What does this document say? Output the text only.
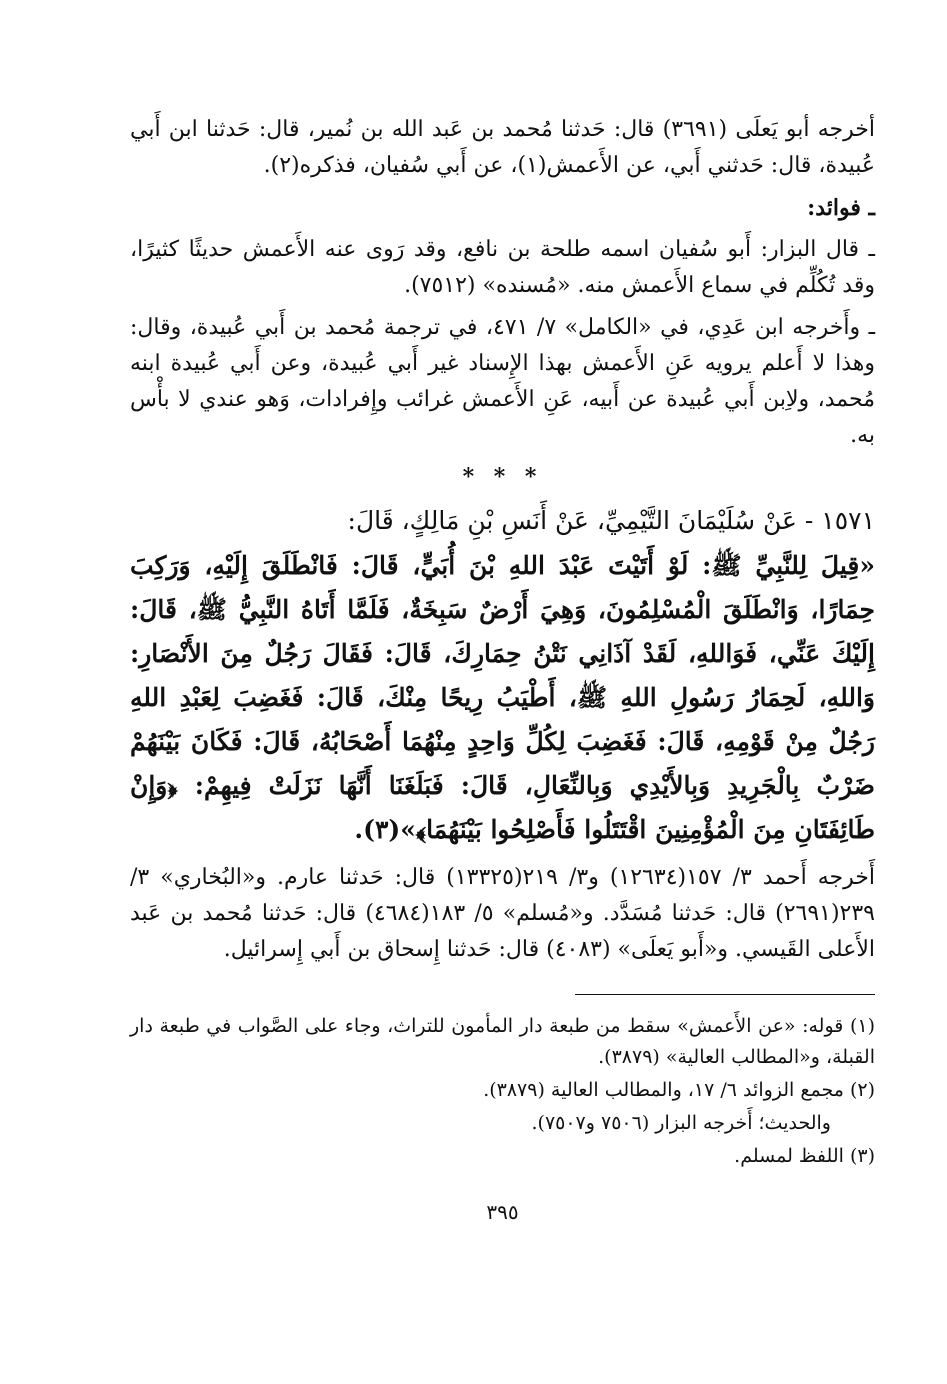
أخرجه أبو يَعلَى (٣٦٩١) قال: حَدثنا مُحمد بن عَبد الله بن نُمير، قال: حَدثنا ابن أَبي عُبيدة، قال: حَدثني أَبي، عن الأَعمش(١)، عن أَبي سُفيان، فذكره(٢).

ـ فوائد:

ـ قال البزار: أَبو سُفيان اسمه طلحة بن نافع، وقد رَوى عنه الأَعمش حديثًا كثيرًا، وقد تُكُلِّم في سماع الأَعمش منه. «مُسنده» (٧٥١٢).

ـ وأَخرجه ابن عَدِي، في «الكامل» ٧/ ٤٧١، في ترجمة مُحمد بن أَبي عُبيدة، وقال: وهذا لا أَعلم يرويه عَنِ الأَعمش بهذا الإِسناد غير أَبي عُبيدة، وعن أَبي عُبيدة ابنه مُحمد، ولاِبن أَبي عُبيدة عن أَبيه، عَنِ الأَعمش غرائب وإِفرادات، وَهو عندي لا بأْس به.

* * *

١٥٧١ - عَنْ سُلَيْمَانَ التَّيْمِيِّ، عَنْ أَنَسِ بْنِ مَالِكٍ، قَالَ:

«قِيلَ لِلنَّبِيِّ ﷺ: لَوْ أَتَيْتَ عَبْدَ اللهِ بْنَ أُبَيٍّ، قَالَ: فَانْطَلَقَ إِلَيْهِ، وَرَكِبَ حِمَارًا، وَانْطَلَقَ الْمُسْلِمُونَ، وَهِيَ أَرْضٌ سَبِخَةٌ، فَلَمَّا أَتَاهُ النَّبِيُّ ﷺ، قَالَ: إِلَيْكَ عَنِّي، فَوَاللهِ، لَقَدْ آذَانِي نَتْنُ حِمَارِكَ، قَالَ: فَقَالَ رَجُلٌ مِنَ الأَنْصَارِ: وَاللهِ، لَحِمَارُ رَسُولِ اللهِ ﷺ، أَطْيَبُ رِيحًا مِنْكَ، قَالَ: فَغَضِبَ لِعَبْدِ اللهِ رَجُلٌ مِنْ قَوْمِهِ، قَالَ: فَغَضِبَ لِكُلِّ وَاحِدٍ مِنْهُمَا أَصْحَابُهُ، قَالَ: فَكَانَ بَيْنَهُمْ ضَرْبٌ بِالْجَرِيدِ وَبِالأَيْدِي وَبِالنِّعَالِ، قَالَ: فَبَلَغَنَا أَنَّهَا نَزَلَتْ فِيهِمْ: ﴿وَإِنْ طَائِفَتَانِ مِنَ الْمُؤْمِنِينَ اقْتَتَلُوا فَأَصْلِحُوا بَيْنَهُمَا﴾»(٣).

أَخرجه أَحمد ٣/ ١٥٧(١٢٦٣٤) و٣/ ٢١٩(١٣٣٢٥) قال: حَدثنا عارم. و«البُخاري» ٣/ ٢٣٩(٢٦٩١) قال: حَدثنا مُسَدَّد. و«مُسلم» ٥/ ١٨٣(٤٦٨٤) قال: حَدثنا مُحمد بن عَبد الأَعلى القَيسي. و«أَبو يَعلَى» (٤٠٨٣) قال: حَدثنا إِسحاق بن أَبي إِسرائيل.

(١) قوله: «عن الأَعمش» سقط من طبعة دار المأمون للتراث، وجاء على الصَّواب في طبعة دار القبلة، و«المطالب العالية» (٣٨٧٩).

(٢) مجمع الزوائد ٦/ ١٧، والمطالب العالية (٣٨٧٩).

والحديث؛ أَخرجه البزار (٧٥٠٦ و٧٥٠٧).

(٣) اللفظ لمسلم.

٣٩٥
